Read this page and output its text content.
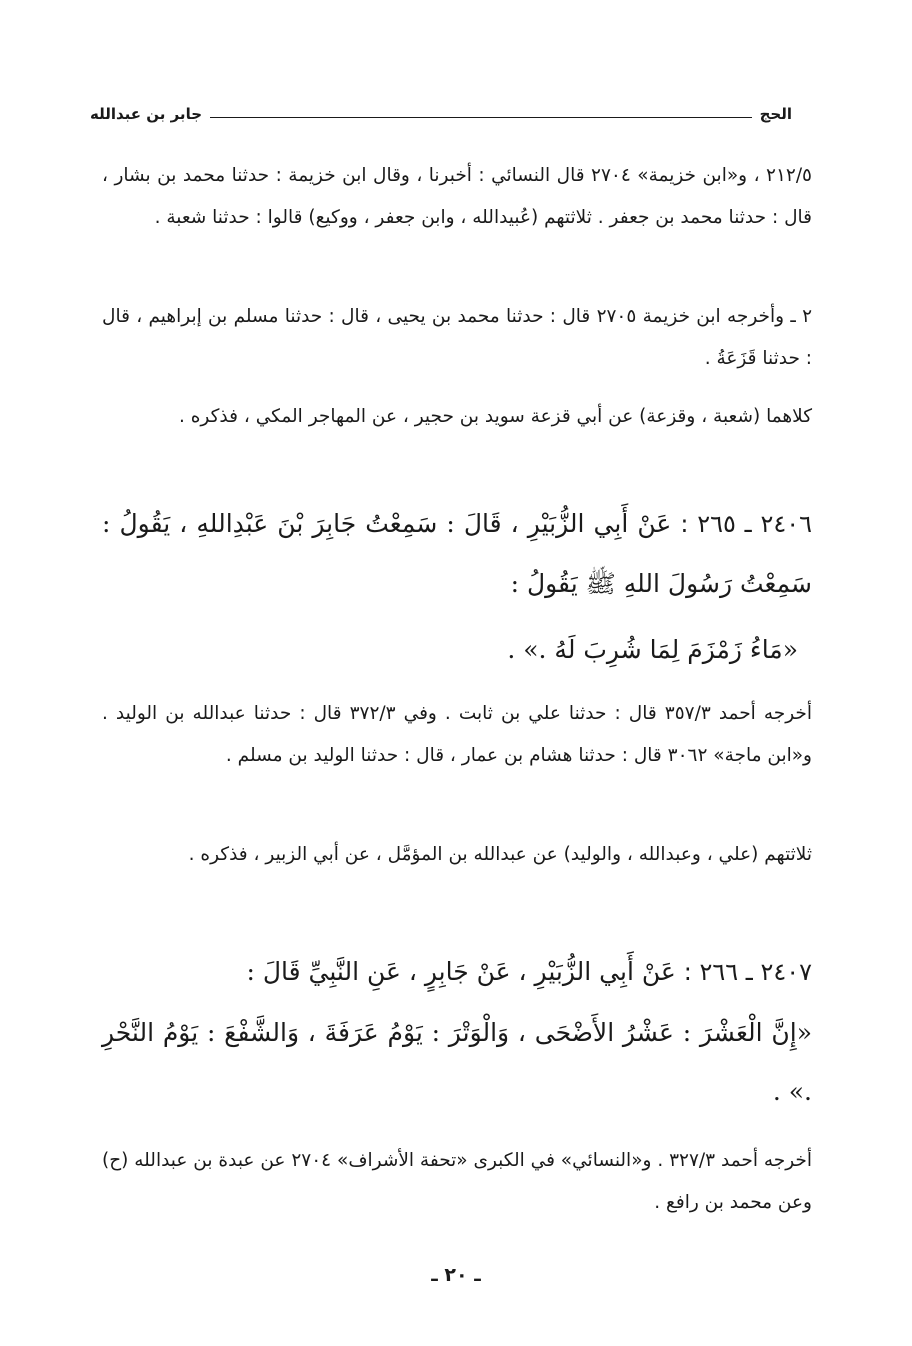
الحج
جابر بن عبدالله

٢١٢/٥ ، و«ابن خزيمة» ٢٧٠٤ قال النسائي : أخبرنا ، وقال ابن خزيمة : حدثنا محمد بن بشار ، قال : حدثنا محمد بن جعفر . ثلاثتهم (عُبيدالله ، وابن جعفر ، ووكيع) قالوا : حدثنا شعبة .

٢ ـ وأخرجه ابن خزيمة ٢٧٠٥ قال : حدثنا محمد بن يحيى ، قال : حدثنا مسلم بن إبراهيم ، قال : حدثنا قَزَعَةُ .

كلاهما (شعبة ، وقزعة) عن أبي قزعة سويد بن حجير ، عن المهاجر المكي ، فذكره .

٢٤٠٦ ـ ٢٦٥ : عَنْ أَبِي الزُّبَيْرِ ، قَالَ : سَمِعْتُ جَابِرَ بْنَ عَبْدِاللهِ ، يَقُولُ : سَمِعْتُ رَسُولَ اللهِ ﷺ يَقُولُ :

«مَاءُ زَمْزَمَ لِمَا شُرِبَ لَهُ .» .

أخرجه أحمد ٣٥٧/٣ قال : حدثنا علي بن ثابت . وفي ٣٧٢/٣ قال : حدثنا عبدالله بن الوليد . و«ابن ماجة» ٣٠٦٢ قال : حدثنا هشام بن عمار ، قال : حدثنا الوليد بن مسلم .

ثلاثتهم (علي ، وعبدالله ، والوليد) عن عبدالله بن المؤمَّل ، عن أبي الزبير ، فذكره .

٢٤٠٧ ـ ٢٦٦ : عَنْ أَبِي الزُّبَيْرِ ، عَنْ جَابِرٍ ، عَنِ النَّبِيِّ قَالَ :

«إِنَّ الْعَشْرَ : عَشْرُ الأَضْحَى ، وَالْوَتْرَ : يَوْمُ عَرَفَةَ ، وَالشَّفْعَ : يَوْمُ النَّحْرِ .» .

أخرجه أحمد ٣٢٧/٣ . و«النسائي» في الكبرى «تحفة الأشراف» ٢٧٠٤ عن عبدة بن عبدالله (ح) وعن محمد بن رافع .

ـ ٢٠ ـ
